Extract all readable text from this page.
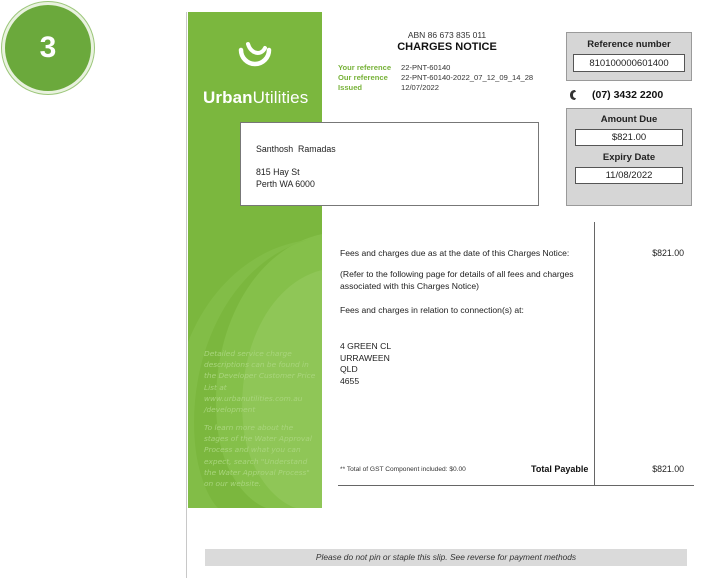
3
UrbanUtilities
Detailed service charge descriptions can be found in the Developer Customer Price List at www.urbanutilities.com.au /development
To learn more about the stages of the Water Approval Process and what you can expect, search "Understand the Water Approval Process" on our website.
ABN 86 673 835 011
CHARGES NOTICE
Your reference	22-PNT-60140
Our reference	22-PNT-60140-2022_07_12_09_14_28
Issued	12/07/2022
Reference number
810100000601400
(07) 3432 2200
Amount Due
$821.00
Expiry Date
11/08/2022
Santhosh  Ramadas
815 Hay St
Perth WA 6000
Fees and charges due as at the date of this Charges Notice:	$821.00
(Refer to the following page for details of all fees and charges associated with this Charges Notice)
Fees and charges in relation to connection(s) at:
4 GREEN CL
URRAWEEN
QLD
4655
** Total of GST Component included: $0.00	Total Payable	$821.00
Please do not pin or staple this slip. See reverse for payment methods
